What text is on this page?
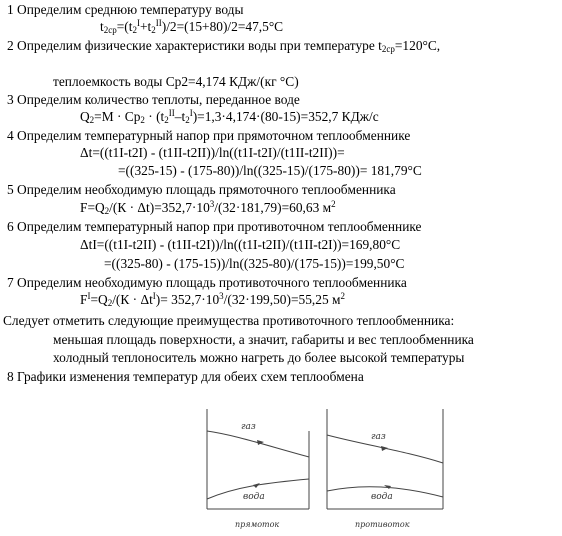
1 Определим среднюю температуру воды
$t_{2ср}=(t_2^I+t_2^{II})/2=(15+80)/2=47,5^\circ С$
2 Определим физические характеристики воды при температуре $t_{2ср}=120^\circ С$,
теплоемкость воды Ср2=4,174 КДж/(кг °С)
3 Определим количество теплоты, переданное воде
$Q_2=М \cdot Ср_2 \cdot (t_2^{II}-t_2^I)=1,3\cdot 4,174\cdot(80-15)=352,7$ КДж/с
4 Определим температурный напор при прямоточном теплообменнике
Δt=((t1I-t2I) - (t1II-t2II))/ln((t1I-t2I)/(t1II-t2II))=
=((325-15) - (175-80))/ln((325-15)/(175-80))= 181,79°С
5 Определим необходимую площадь прямоточного теплообменника
$F=Q_2/(К \cdot \Delta t)=352,7\cdot 10^3/(32\cdot 181,79)=60,63$ $м^2$
6 Определим температурный напор при противоточном теплообменнике
ΔtI=((t1I-t2II) - (t1II-t2I))/ln((t1I-t2II)/(t1II-t2I))=169,80°С
=((325-80) - (175-15))/ln((325-80)/(175-15))=199,50°С
7 Определим необходимую площадь противоточного теплообменника
$F^I=Q_2/(К \cdot \Delta t^I)= 352,7\cdot 10^3/(32\cdot 199,50)=55,25$ $м^2$
Следует отметить следующие преимущества противоточного теплообменника:
меньшая площадь поверхности, а значит, габариты и вес теплообменника
холодный теплоноситель можно нагреть до более высокой температуры
8 Графики изменения температур для обеих схем теплообмена
газ
вода
прямоток
газ
вода
противоток
